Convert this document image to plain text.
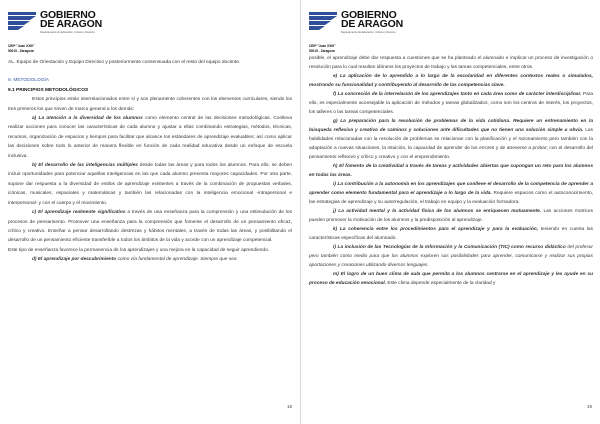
GOBIERNO
DE ARAGON
Departamento de Educación, Cultura y Deporte
CEIP "Juan XXIII"
50015 - Zaragoza

AL. Equipo de Orientación y Equipo Directivo y posteriormente consensuada con el resto del equipo docente.

9. METODOLOGÍA

9.1 PRINCIPIOS METODOLÓGICOS

Estos principios están interrelacionados entre sí y son plenamente coherentes con los elementos curriculares, siendo los tres primeros los que sirven de marco general a los demás:

a) La atención a la diversidad de los alumnos como elemento central de las decisiones metodológicas. Conlleva realizar acciones para conocer las características de cada alumno y ajustar a ellas combinando estrategias, métodos, técnicas, recursos, organización de espacios y tiempos para facilitar que alcance los estándares de aprendizaje evaluables; así como aplicar las decisiones sobre todo lo anterior de manera flexible en función de cada realidad educativa desde un enfoque de escuela inclusiva.

b) El desarrollo de las inteligencias múltiples desde todas las áreas y para todos los alumnos. Para ello, se deben incluir oportunidades para potenciar aquellas inteligencias en las que cada alumno presenta mayores capacidades. Por otra parte, supone dar respuesta a la diversidad de estilos de aprendizaje existentes a través de la combinación de propuestas verbales, icónicas, musicales, espaciales y matemáticas y también las relacionadas con la inteligencia emocional -intrapersonal e interpersonal- y con el cuerpo y el movimiento.

c) El aprendizaje realmente significativo a través de una enseñanza para la comprensión y una estimulación de los procesos de pensamiento. Promover una enseñanza para la comprensión que fomente el desarrollo de un pensamiento eficaz, crítico y creativo. Enseñar a pensar desarrollando destrezas y hábitos mentales, a través de todas las áreas, y posibilitando el desarrollo de un pensamiento eficiente transferible a todos los ámbitos de la vida y acorde con un aprendizaje competencial.

Este tipo de enseñanza favorece la permanencia de los aprendizajes y una mejora en la capacidad de seguir aprendiendo.

d) El aprendizaje por descubrimiento como vía fundamental de aprendizaje. Siempre que sea

18
GOBIERNO
DE ARAGON
Departamento de Educación, Cultura y Deporte
CEIP "Juan XXIII"
50015 - Zaragoza

posible, el aprendizaje debe dar respuesta a cuestiones que se ha planteado el alumnado e implicar un proceso de investigación o resolución para lo cual resultan idóneos los proyectos de trabajo y las tareas competenciales, entre otros.

e) La aplicación de lo aprendido a lo largo de la escolaridad en diferentes contextos reales o simulados, mostrando su funcionalidad y contribuyendo al desarrollo de las competencias clave.

f) La concreción de la interrelación de los aprendizajes tanto en cada área como de carácter interdisciplinar. Para ello, es especialmente aconsejable la aplicación de métodos y tareas globalizados, como son los centros de interés, los proyectos, los talleres o las tareas competenciales.

g) La preparación para la resolución de problemas de la vida cotidiana. Requiere un entrenamiento en la búsqueda reflexiva y creativa de caminos y soluciones ante dificultades que no tienen una solución simple u obvia. Las habilidades relacionadas con la resolución de problemas se relacionan con la planificación y el razonamiento pero también con la adaptación a nuevas situaciones, la intuición, la capacidad de aprender de los errores y de atreverse a probar; con el desarrollo del pensamiento reflexivo y crítico y creativo y con el emprendimiento.

h) El fomento de la creatividad a través de tareas y actividades abiertas que supongan un reto para los alumnos en todas las áreas.

i) La contribución a la autonomía en los aprendizajes que conlleve el desarrollo de la competencia de aprender a aprender como elemento fundamental para el aprendizaje a lo largo de la vida. Requiere espacios como el autoconocimiento, las estrategias de aprendizaje y su autorregulación, el trabajo en equipo y la evaluación formadora.

j) La actividad mental y la actividad física de los alumnos se enriquecen mutuamente. Las acciones motrices pueden promover la motivación de los alumnos y la predisposición al aprendizaje.

k) La coherencia entre los procedimientos para el aprendizaje y para la evaluación, teniendo en cuenta las características específicas del alumnado.

l) La inclusión de las Tecnologías de la Información y la Comunicación (TIC) como recurso didáctico del profesor pero también como medio para que los alumnos exploren sus posibilidades para aprender, comunicarse y realizar sus propias aportaciones y creaciones utilizando diversos lenguajes.

m) El logro de un buen clima de aula que permita a los alumnos centrarse en el aprendizaje y les ayude en su proceso de educación emocional. Este clima depende especialmente de la claridad y

19
